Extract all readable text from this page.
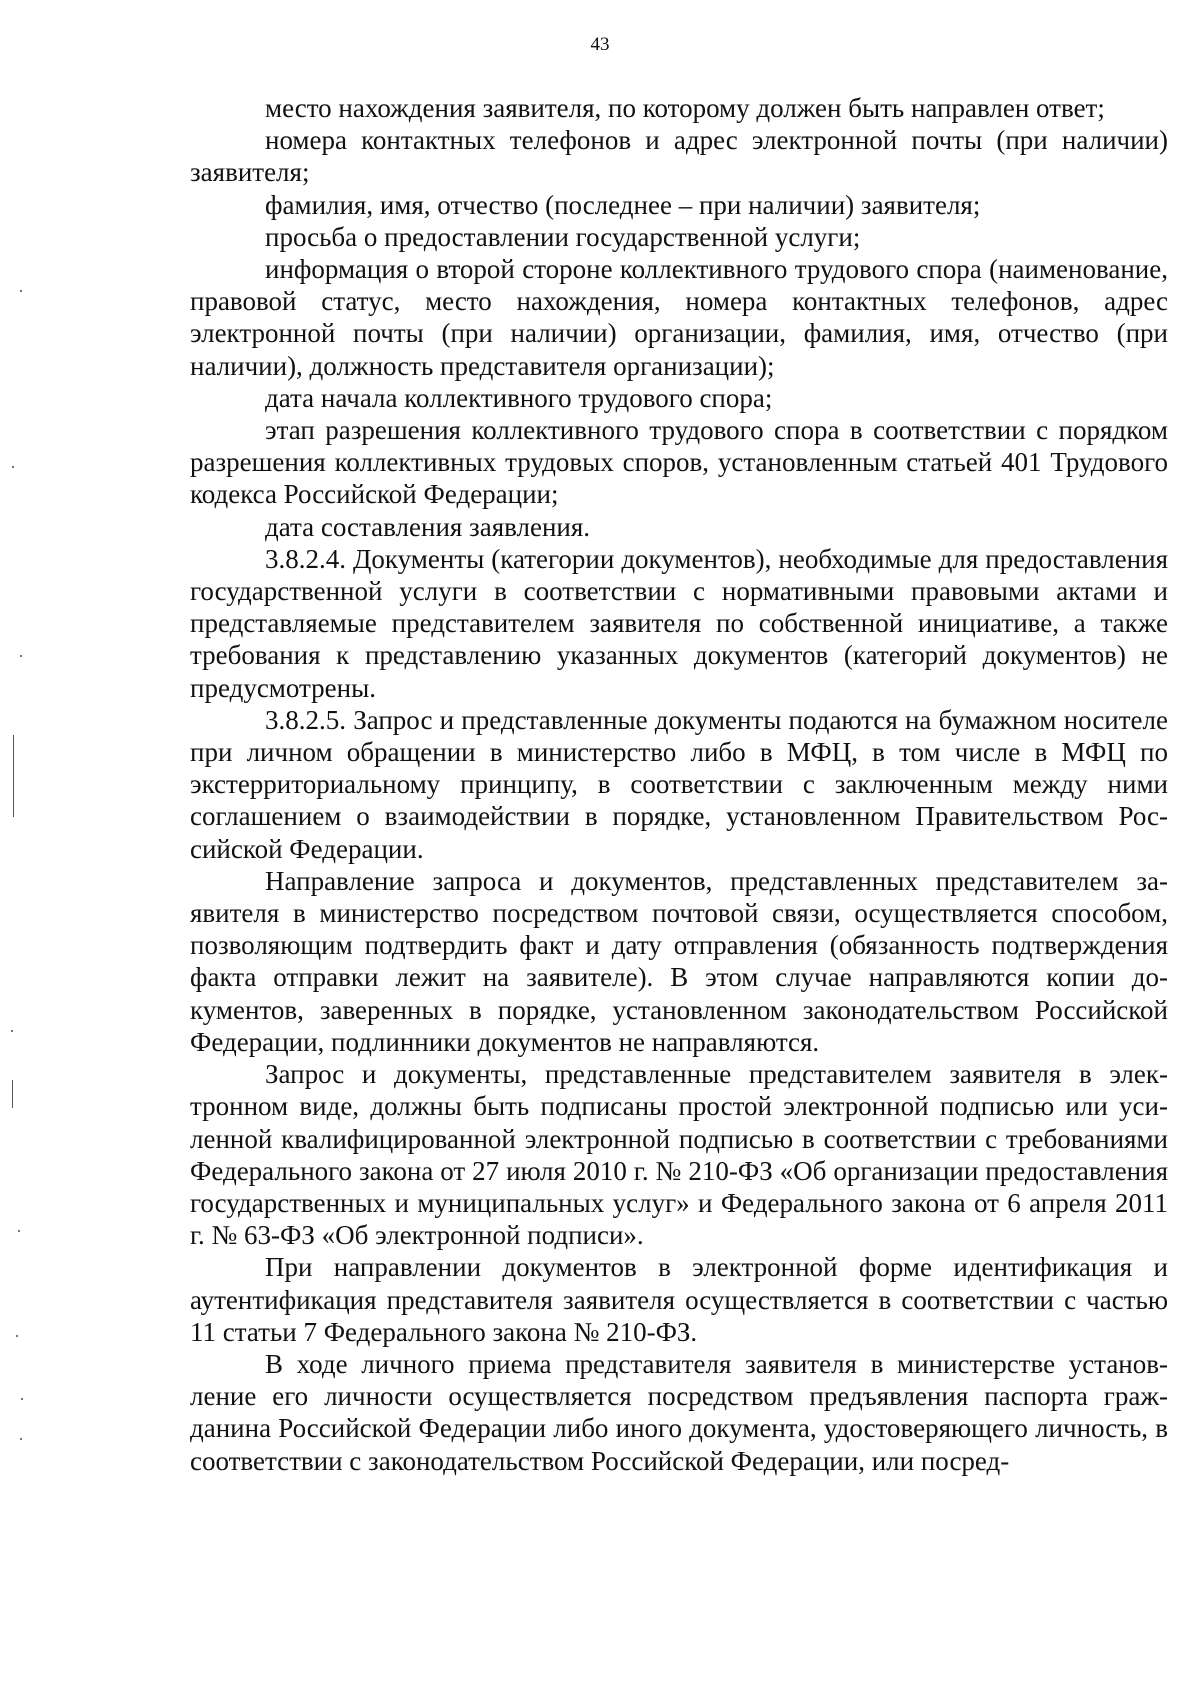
43

место нахождения заявителя, по которому должен быть направлен ответ;

номера контактных телефонов и адрес электронной почты (при наличии) заявителя;

фамилия, имя, отчество (последнее – при наличии) заявителя;

просьба о предоставлении государственной услуги;

информация о второй стороне коллективного трудового спора (наименование, правовой статус, место нахождения, номера контактных телефонов, адрес электронной почты (при наличии) организации, фамилия, имя, отчество (при наличии), должность представителя организации);

дата начала коллективного трудового спора;

этап разрешения коллективного трудового спора в соответствии с порядком разрешения коллективных трудовых споров, установленным статьей 401 Трудового кодекса Российской Федерации;

дата составления заявления.

3.8.2.4. Документы (категории документов), необходимые для предоставления государственной услуги в соответствии с нормативными правовыми актами и представляемые представителем заявителя по собственной инициативе, а также требования к представлению указанных документов (категорий документов) не предусмотрены.

3.8.2.5. Запрос и представленные документы подаются на бумажном носителе при личном обращении в министерство либо в МФЦ, в том числе в МФЦ по экстерриториальному принципу, в соответствии с заключенным между ними соглашением о взаимодействии в порядке, установленном Правительством Российской Федерации.

Направление запроса и документов, представленных представителем заявителя в министерство посредством почтовой связи, осуществляется способом, позволяющим подтвердить факт и дату отправления (обязанность подтверждения факта отправки лежит на заявителе). В этом случае направляются копии документов, заверенных в порядке, установленном законодательством Российской Федерации, подлинники документов не направляются.

Запрос и документы, представленные представителем заявителя в электронном виде, должны быть подписаны простой электронной подписью или усиленной квалифицированной электронной подписью в соответствии с требованиями Федерального закона от 27 июля 2010 г. № 210-ФЗ «Об организации предоставления государственных и муниципальных услуг» и Федерального закона от 6 апреля 2011 г. № 63-ФЗ «Об электронной подписи».

При направлении документов в электронной форме идентификация и аутентификация представителя заявителя осуществляется в соответствии с частью 11 статьи 7 Федерального закона № 210-ФЗ.

В ходе личного приема представителя заявителя в министерстве установление его личности осуществляется посредством предъявления паспорта гражданина Российской Федерации либо иного документа, удостоверяющего личность, в соответствии с законодательством Российской Федерации, или посред-
